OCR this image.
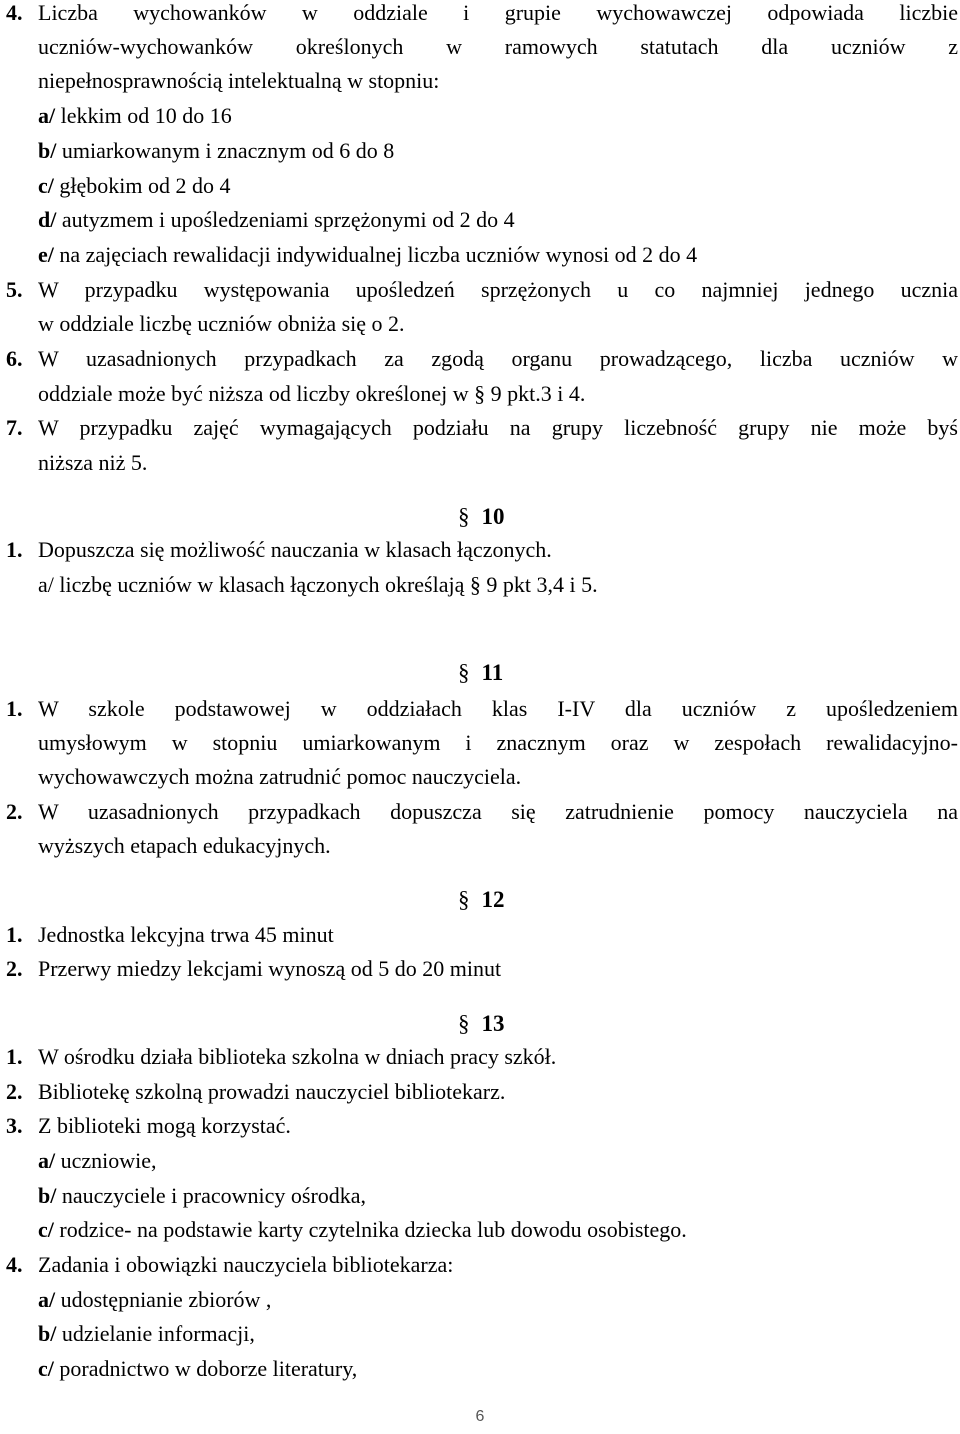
4. Liczba wychowanków w oddziale i grupie wychowawczej odpowiada liczbie
uczniów-wychowanków określonych w ramowych statutach dla uczniów z
niepełnosprawnością intelektualną w stopniu:
a/ lekkim od 10 do 16
b/ umiarkowanym i znacznym od 6 do 8
c/ głębokim od 2 do 4
d/ autyzmem i upośledzeniami sprzężonymi od 2 do 4
e/ na zajęciach rewalidacji indywidualnej liczba uczniów wynosi od 2 do 4
5. W przypadku występowania upośledzeń sprzężonych u co najmniej jednego ucznia
w oddziale liczbę uczniów obniża się o 2.
6. W uzasadnionych przypadkach za zgodą organu prowadzącego, liczba uczniów w
oddziale może być niższa od liczby określonej w § 9 pkt.3 i 4.
7. W przypadku zajęć wymagających podziału na grupy liczebność grupy nie może byś
niższa niż 5.
§ 10
1. Dopuszcza się możliwość nauczania w klasach łączonych.
a/ liczbę uczniów w klasach łączonych określają § 9 pkt 3,4 i 5.
§ 11
1. W szkole podstawowej w oddziałach klas I-IV dla uczniów z upośledzeniem
umysłowym w stopniu umiarkowanym i znacznym oraz w zespołach rewalidacyjno-
wychowawczych można zatrudnić pomoc nauczyciela.
2. W uzasadnionych przypadkach dopuszcza się zatrudnienie pomocy nauczyciela na
wyższych etapach edukacyjnych.
§ 12
1. Jednostka lekcyjna trwa 45 minut
2. Przerwy miedzy lekcjami wynoszą od 5 do 20 minut
§ 13
1. W ośrodku działa biblioteka szkolna w dniach pracy szkół.
2. Bibliotekę szkolną prowadzi nauczyciel bibliotekarz.
3. Z biblioteki mogą korzystać.
a/ uczniowie,
b/ nauczyciele i pracownicy ośrodka,
c/ rodzice- na podstawie karty czytelnika dziecka lub dowodu osobistego.
4. Zadania i obowiązki nauczyciela bibliotekarza:
a/ udostępnianie zbiorów ,
b/ udzielanie informacji,
c/ poradnictwo w doborze literatury,
6
